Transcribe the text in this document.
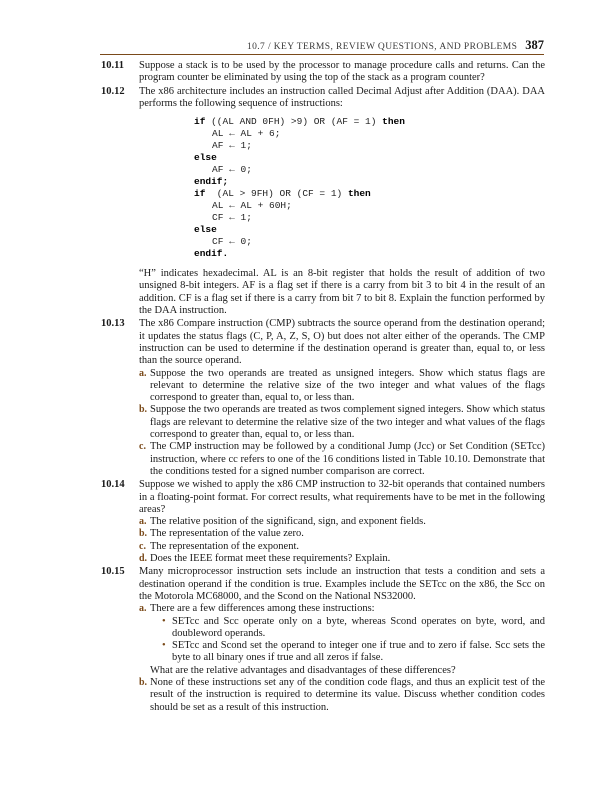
10.7 / KEY TERMS, REVIEW QUESTIONS, AND PROBLEMS 387
10.11 Suppose a stack is to be used by the processor to manage procedure calls and returns. Can the program counter be eliminated by using the top of the stack as a program counter?
10.12 The x86 architecture includes an instruction called Decimal Adjust after Addition (DAA). DAA performs the following sequence of instructions:
if ((AL AND 0FH) >9) OR (AF = 1) then
AL ← AL + 6;
AF ← 1;
else
AF ← 0;
endif;
if  (AL > 9FH) OR (CF = 1) then
AL ← AL + 60H;
CF ← 1;
else
CF ← 0;
endif.
“H” indicates hexadecimal. AL is an 8-bit register that holds the result of addition of two unsigned 8-bit integers. AF is a flag set if there is a carry from bit 3 to bit 4 in the result of an addition. CF is a flag set if there is a carry from bit 7 to bit 8. Explain the function performed by the DAA instruction.
10.13 The x86 Compare instruction (CMP) subtracts the source operand from the destination operand; it updates the status flags (C, P, A, Z, S, O) but does not alter either of the operands. The CMP instruction can be used to determine if the destination operand is greater than, equal to, or less than the source operand.
a. Suppose the two operands are treated as unsigned integers. Show which status flags are relevant to determine the relative size of the two integer and what values of the flags correspond to greater than, equal to, or less than.
b. Suppose the two operands are treated as twos complement signed integers. Show which status flags are relevant to determine the relative size of the two integer and what values of the flags correspond to greater than, equal to, or less than.
c. The CMP instruction may be followed by a conditional Jump (Jcc) or Set Condition (SETcc) instruction, where cc refers to one of the 16 conditions listed in Table 10.10. Demonstrate that the conditions tested for a signed number comparison are correct.
10.14 Suppose we wished to apply the x86 CMP instruction to 32-bit operands that contained numbers in a floating-point format. For correct results, what requirements have to be met in the following areas?
a. The relative position of the significand, sign, and exponent fields.
b. The representation of the value zero.
c. The representation of the exponent.
d. Does the IEEE format meet these requirements? Explain.
10.15 Many microprocessor instruction sets include an instruction that tests a condition and sets a destination operand if the condition is true. Examples include the SETcc on the x86, the Scc on the Motorola MC68000, and the Scond on the National NS32000.
a. There are a few differences among these instructions:
• SETcc and Scc operate only on a byte, whereas Scond operates on byte, word, and doubleword operands.
• SETcc and Scond set the operand to integer one if true and to zero if false. Scc sets the byte to all binary ones if true and all zeros if false.
What are the relative advantages and disadvantages of these differences?
b. None of these instructions set any of the condition code flags, and thus an explicit test of the result of the instruction is required to determine its value. Discuss whether condition codes should be set as a result of this instruction.
